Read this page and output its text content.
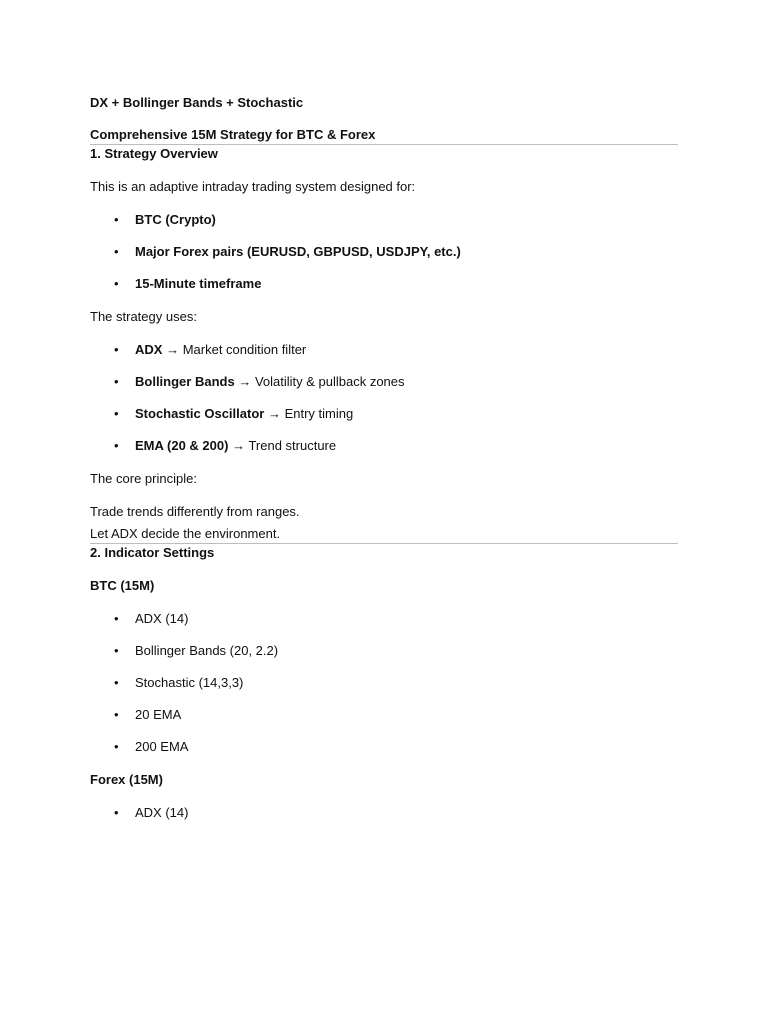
DX + Bollinger Bands + Stochastic

Comprehensive 15M Strategy for BTC & Forex

1. Strategy Overview

This is an adaptive intraday trading system designed for:

• BTC (Crypto)
• Major Forex pairs (EURUSD, GBPUSD, USDJPY, etc.)
• 15-Minute timeframe

The strategy uses:

• ADX → Market condition filter
• Bollinger Bands → Volatility & pullback zones
• Stochastic Oscillator → Entry timing
• EMA (20 & 200) → Trend structure

The core principle:

Trade trends differently from ranges.

Let ADX decide the environment.

2. Indicator Settings

BTC (15M)

• ADX (14)
• Bollinger Bands (20, 2.2)
• Stochastic (14,3,3)
• 20 EMA
• 200 EMA

Forex (15M)

• ADX (14)
